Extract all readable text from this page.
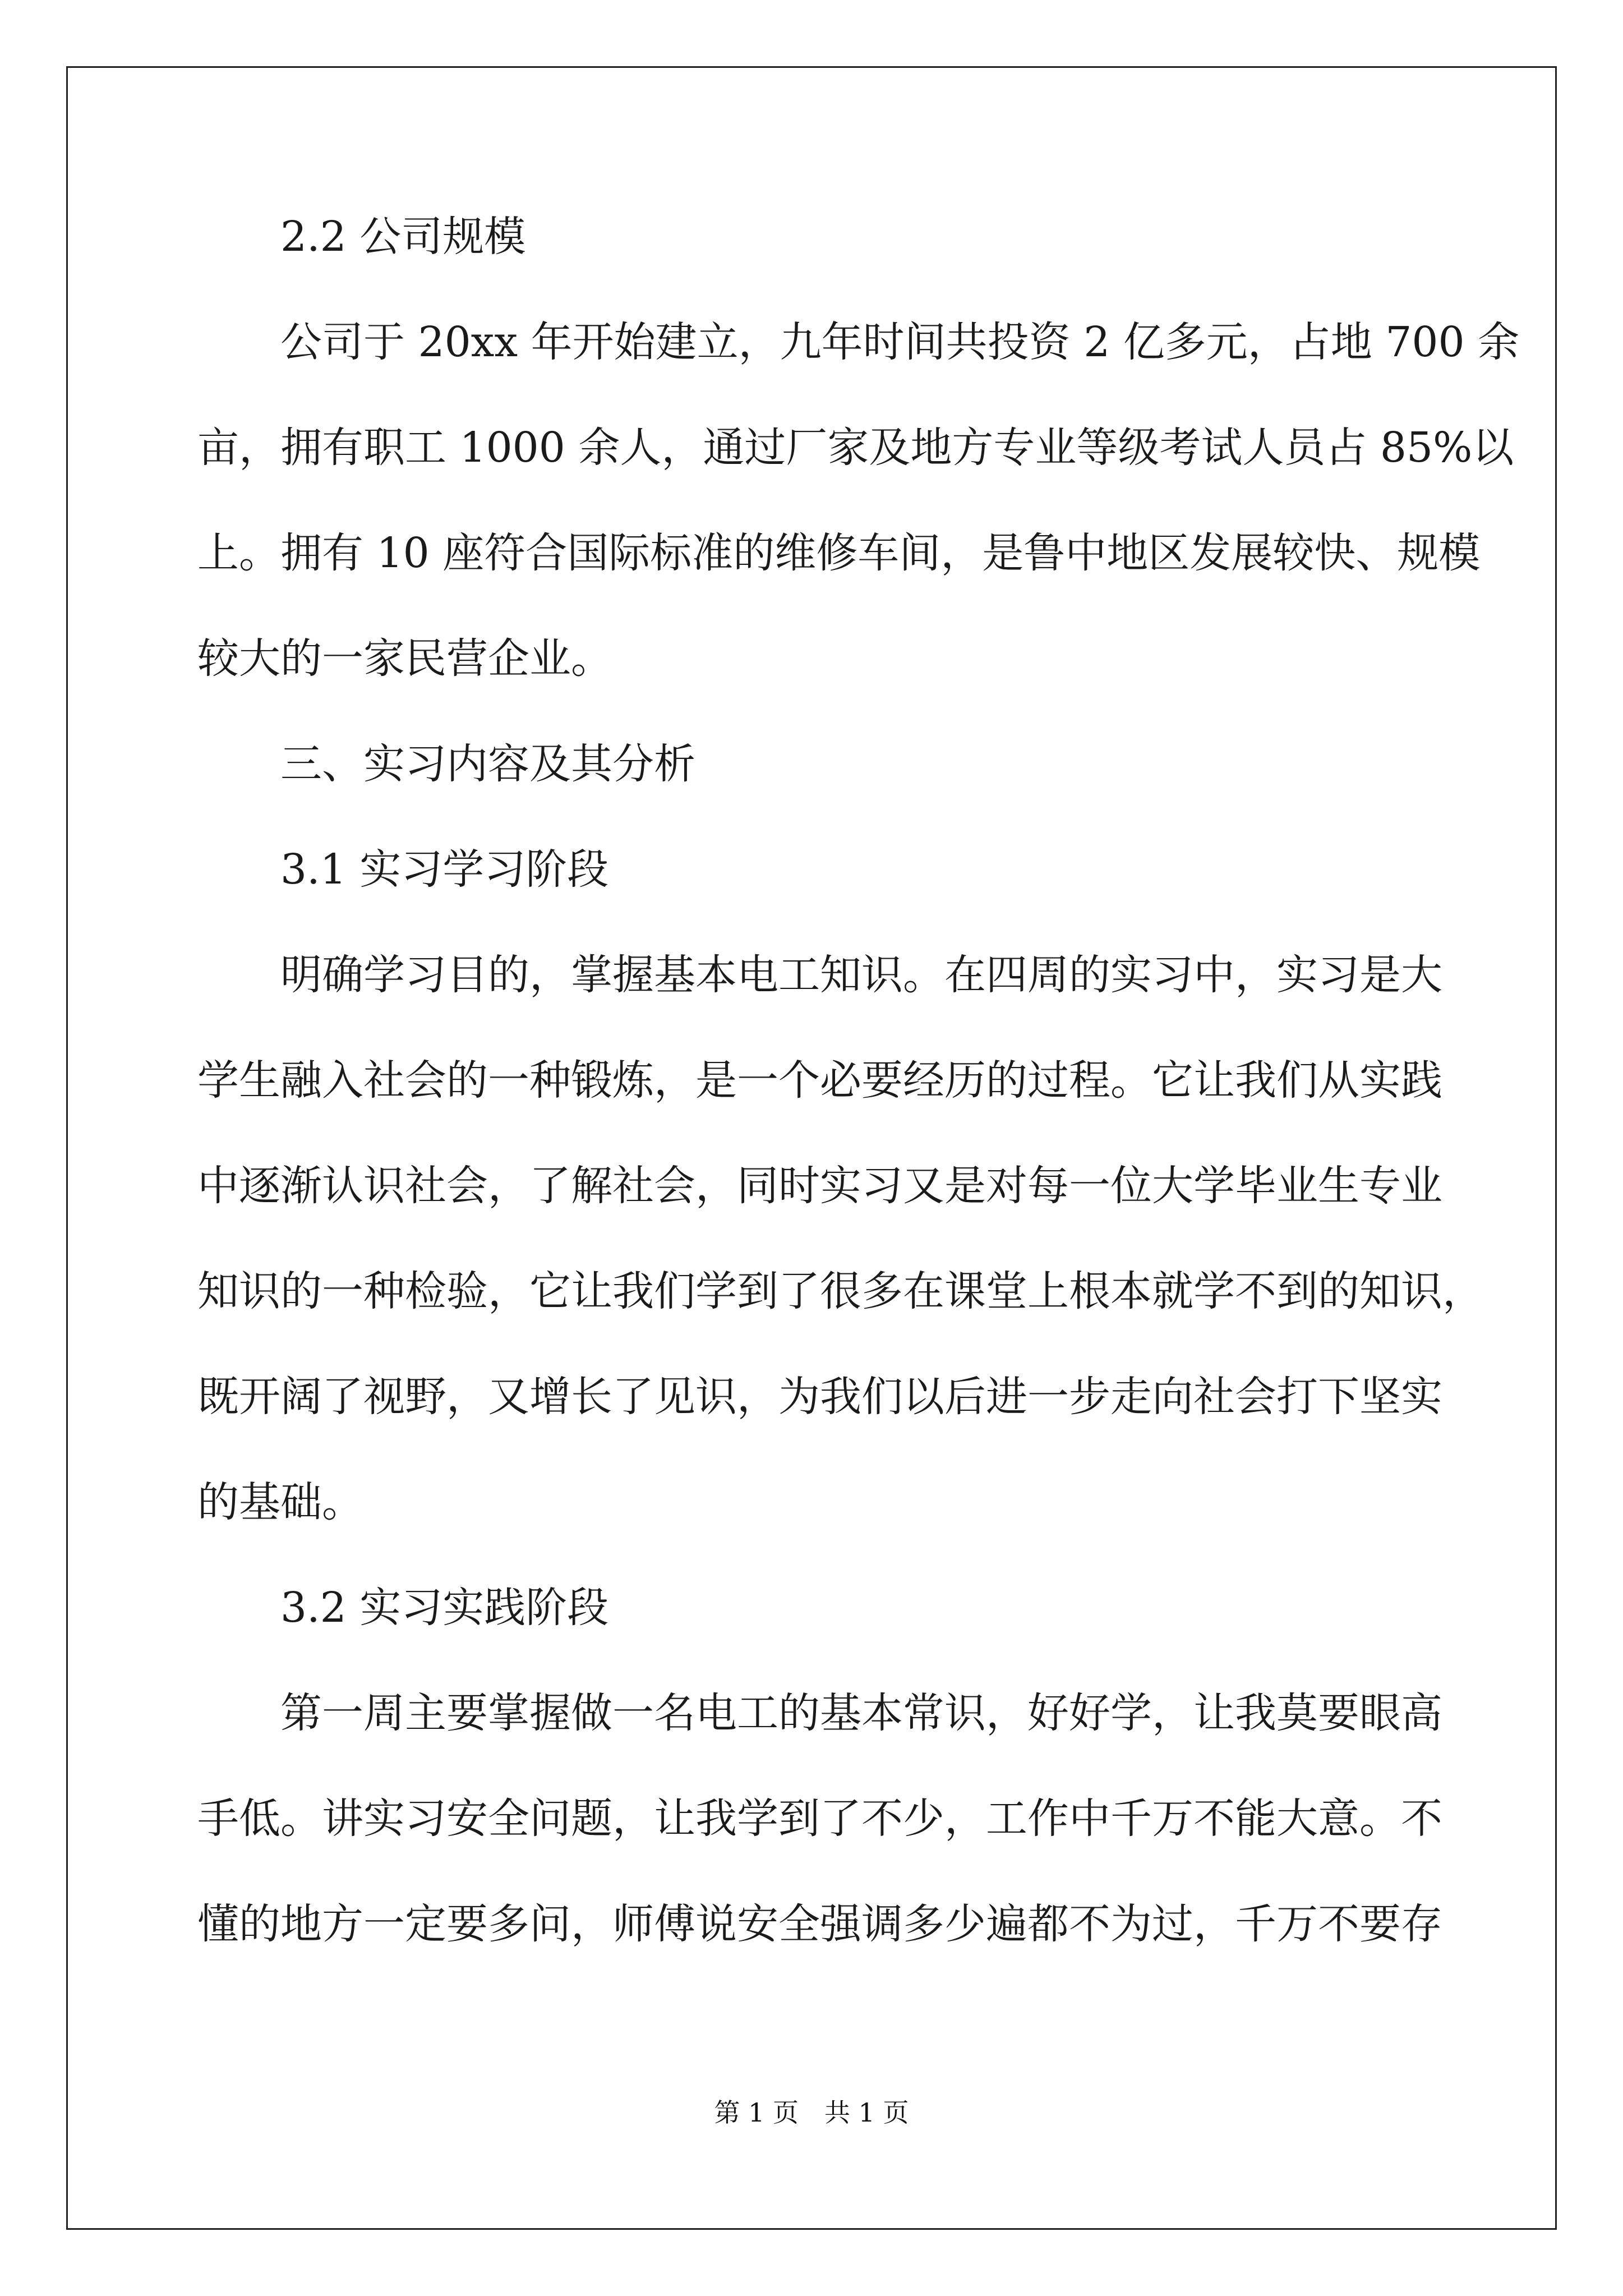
2.2 公司规模
公司于 20xx 年开始建立，九年时间共投资 2 亿多元，占地 700 余
亩，拥有职工 1000 余人，通过厂家及地方专业等级考试人员占 85%以
上。拥有 10 座符合国际标准的维修车间，是鲁中地区发展较快、规模
较大的一家民营企业。
三、实习内容及其分析
3.1 实习学习阶段
明确学习目的，掌握基本电工知识。在四周的实习中，实习是大
学生融入社会的一种锻炼，是一个必要经历的过程。它让我们从实践
中逐渐认识社会，了解社会，同时实习又是对每一位大学毕业生专业
知识的一种检验，它让我们学到了很多在课堂上根本就学不到的知识，
既开阔了视野，又增长了见识，为我们以后进一步走向社会打下坚实
的基础。
3.2 实习实践阶段
第一周主要掌握做一名电工的基本常识，好好学，让我莫要眼高
手低。讲实习安全问题，让我学到了不少，工作中千万不能大意。不
懂的地方一定要多问，师傅说安全强调多少遍都不为过，千万不要存
第 1 页　共 1 页
